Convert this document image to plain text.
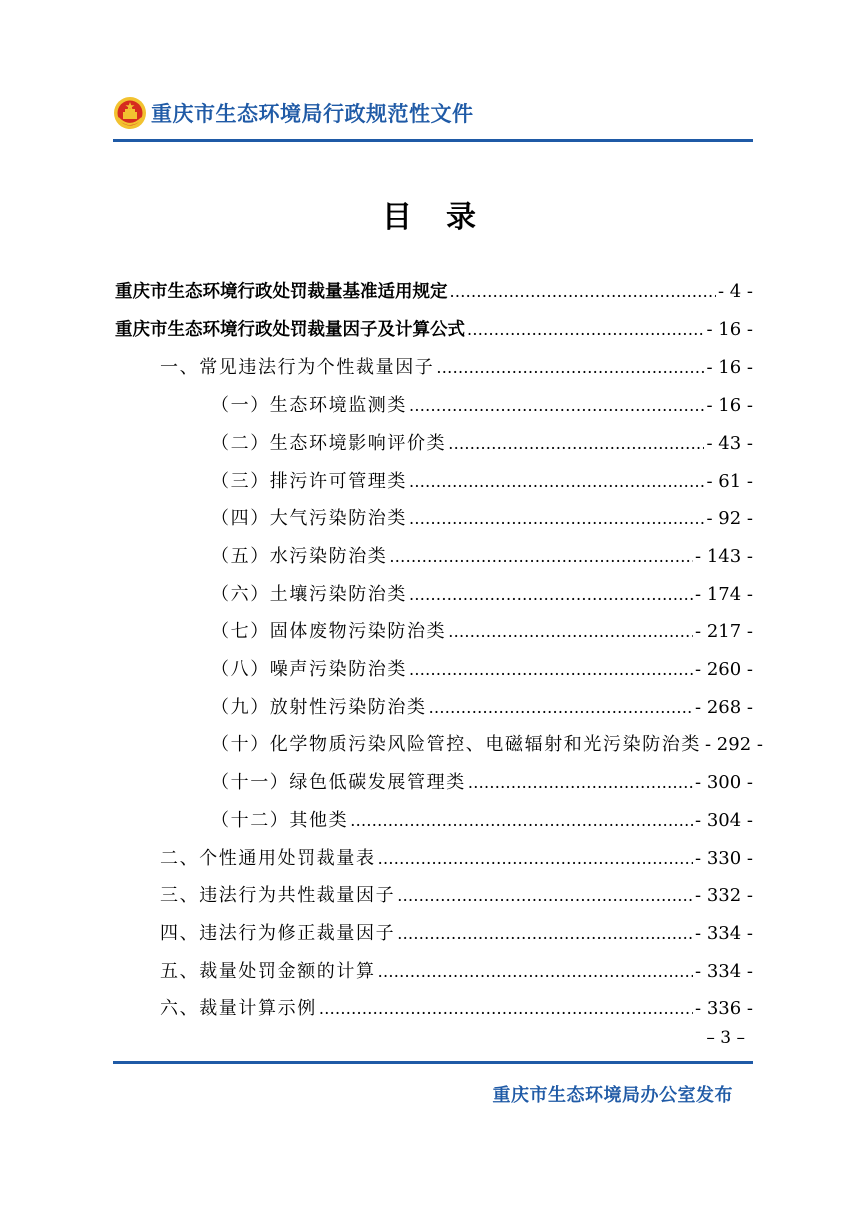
重庆市生态环境局行政规范性文件
目　录
重庆市生态环境行政处罚裁量基准适用规定 .....	- 4 -
重庆市生态环境行政处罚裁量因子及计算公式 .....	- 16 -
一、常见违法行为个性裁量因子 .....	- 16 -
（一）生态环境监测类 .....	- 16 -
（二）生态环境影响评价类 .....	- 43 -
（三）排污许可管理类 .....	- 61 -
（四）大气污染防治类 .....	- 92 -
（五）水污染防治类 .....	- 143 -
（六）土壤污染防治类 .....	- 174 -
（七）固体废物污染防治类 .....	- 217 -
（八）噪声污染防治类 .....	- 260 -
（九）放射性污染防治类 .....	- 268 -
（十）化学物质污染风险管控、电磁辐射和光污染防治类 - 292 -
（十一）绿色低碳发展管理类 .....	- 300 -
（十二）其他类 .....	- 304 -
二、个性通用处罚裁量表 .....	- 330 -
三、违法行为共性裁量因子 .....	- 332 -
四、违法行为修正裁量因子 .....	- 334 -
五、裁量处罚金额的计算 .....	- 334 -
六、裁量计算示例 .....	- 336 -
– 3 –
重庆市生态环境局办公室发布
